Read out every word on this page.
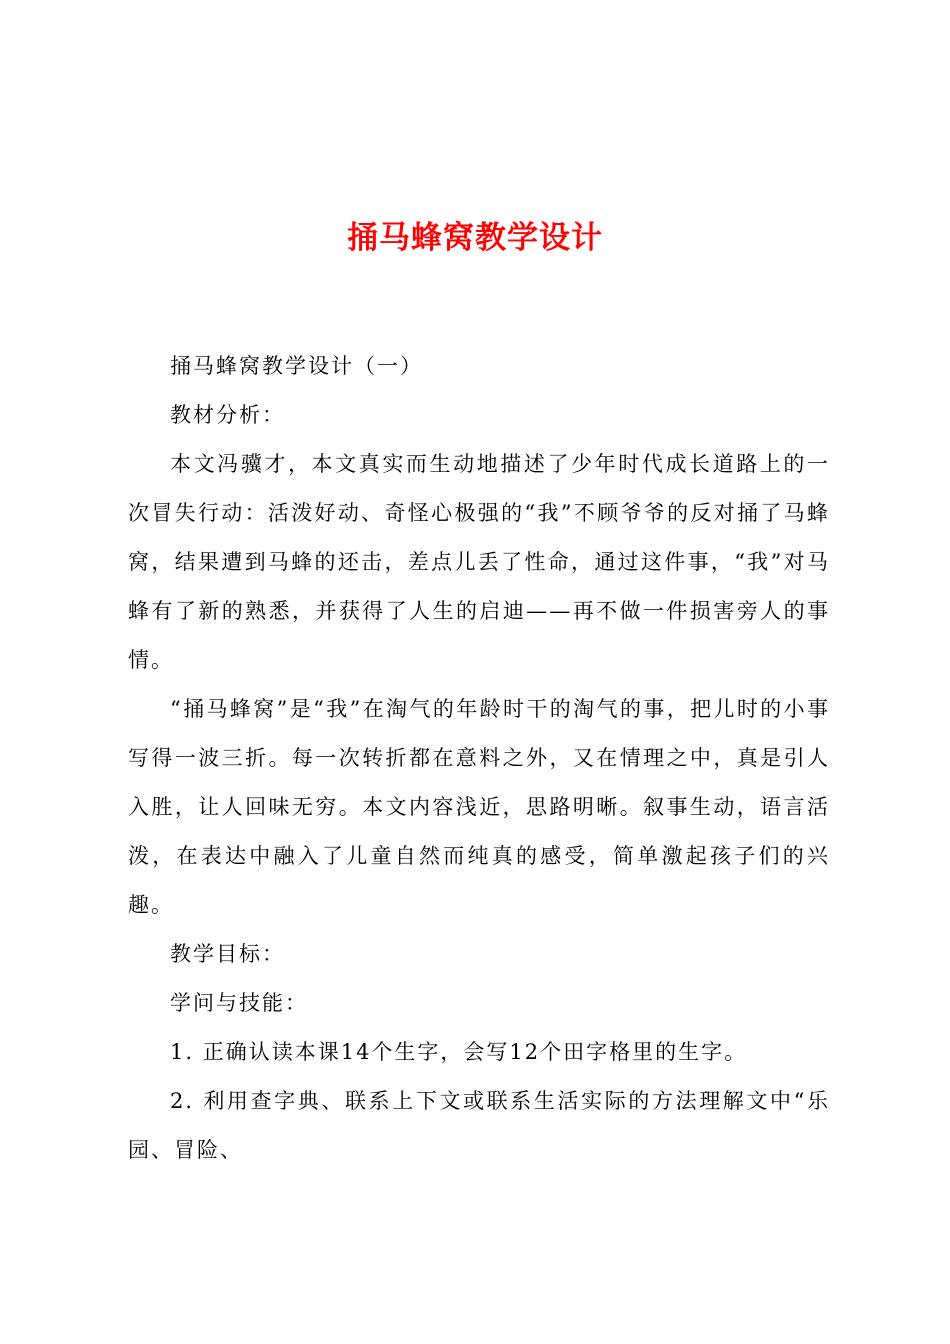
捅马蜂窝教学设计

捅马蜂窝教学设计（一）

教材分析：

本文冯骥才，本文真实而生动地描述了少年时代成长道路上的一次冒失行动：活泼好动、奇怪心极强的“我”不顾爷爷的反对捅了马蜂窝，结果遭到马蜂的还击，差点儿丢了性命，通过这件事，“我”对马蜂有了新的熟悉，并获得了人生的启迪——再不做一件损害旁人的事情。

“捅马蜂窝”是“我”在淘气的年龄时干的淘气的事，把儿时的小事写得一波三折。每一次转折都在意料之外，又在情理之中，真是引人入胜，让人回味无穷。本文内容浅近，思路明晰。叙事生动，语言活泼，在表达中融入了儿童自然而纯真的感受，简单激起孩子们的兴趣。

教学目标：

学问与技能：

1. 正确认读本课14个生字，会写12个田字格里的生字。

2. 利用查字典、联系上下文或联系生活实际的方法理解文中“乐园、冒险、
